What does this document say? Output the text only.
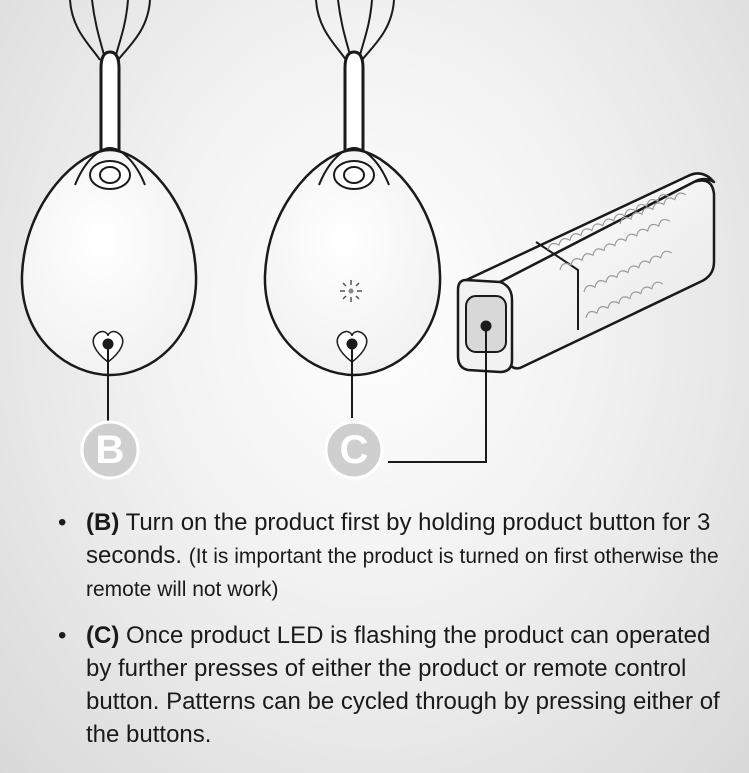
B	C
• (B) Turn on the product first by holding product button for 3 seconds. (It is important the product is turned on first otherwise the remote will not work)
• (C) Once product LED is flashing the product can operated by further presses of either the product or remote control button. Patterns can be cycled through by pressing either of the buttons.
